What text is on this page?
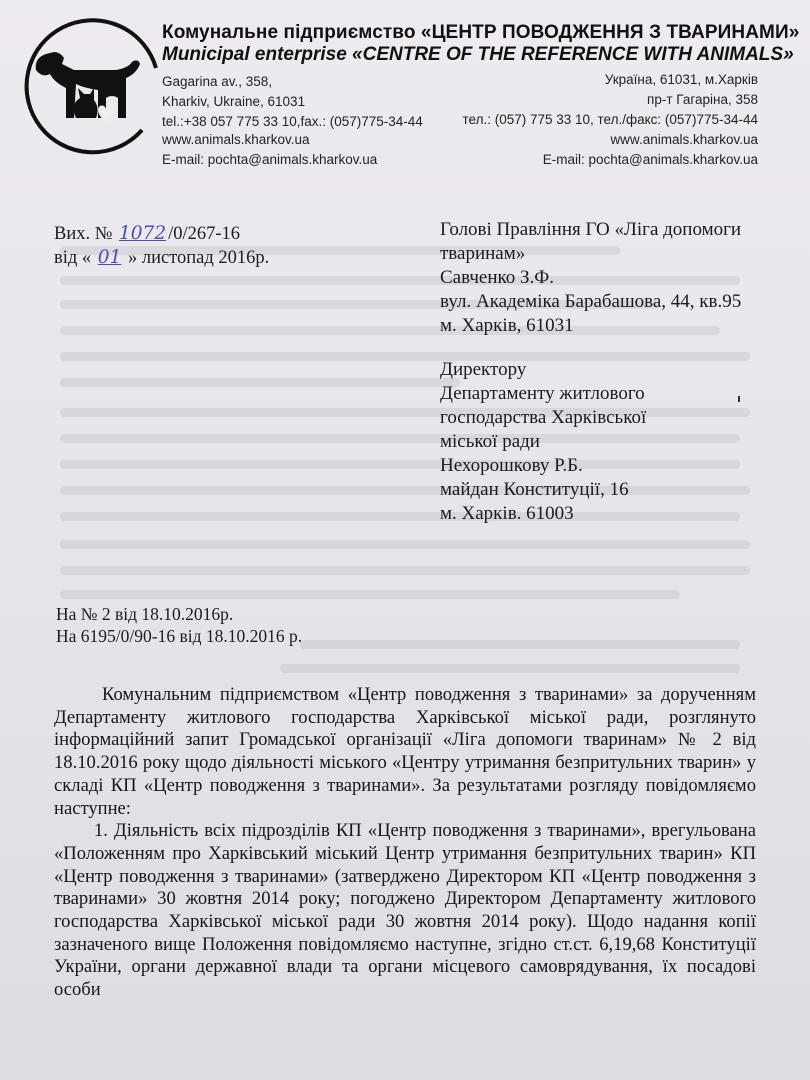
Комунальне підприємство «ЦЕНТР ПОВОДЖЕННЯ З ТВАРИНАМИ»
Municipal enterprise «CENTRE OF THE REFERENCE WITH ANIMALS»
Gagarina av., 358,
Kharkiv, Ukraine, 61031
tel.:+38 057 775 33 10,fax.: (057)775-34-44
Україна, 61031, м.Харків
пр-т Гагаріна, 358
тел.: (057) 775 33 10, тел./факс: (057)775-34-44
www.animals.kharkov.ua
E-mail: pochta@animals.kharkov.ua
www.animals.kharkov.ua
E-mail: pochta@animals.kharkov.ua
Вих. № 1072 /0/267-16
від « 01 » листопад 2016р.
Голові Правління ГО «Ліга допомоги
тваринам»
Савченко З.Ф.
вул. Академіка Барабашова, 44, кв.95
м. Харків, 61031
Директору
Департаменту житлового
господарства Харківської
міської ради
Нехорошкову Р.Б.
майдан Конституції, 16
м. Харків. 61003
На № 2 від 18.10.2016р.
На 6195/0/90-16 від 18.10.2016 р.

Комунальним підприємством «Центр поводження з тваринами» за дорученням Департаменту житлового господарства Харківської міської ради, розглянуто інформаційний запит Громадської організації «Ліга допомоги тваринам» № 2 від 18.10.2016 року щодо діяльності міського «Центру утримання безпритульних тварин» у складі КП «Центр поводження з тваринами». За результатами розгляду повідомляємо наступне:

1. Діяльність всіх підрозділів КП «Центр поводження з тваринами», врегульована «Положенням про Харківський міський Центр утримання безпритульних тварин» КП «Центр поводження з тваринами» (затверджено Директором КП «Центр поводження з тваринами» 30 жовтня 2014 року; погоджено Директором Департаменту житлового господарства Харківської міської ради 30 жовтня 2014 року). Щодо надання копії зазначеного вище Положення повідомляємо наступне, згідно ст.ст. 6,19,68 Конституції України, органи державної влади та органи місцевого самоврядування, їх посадові особи
